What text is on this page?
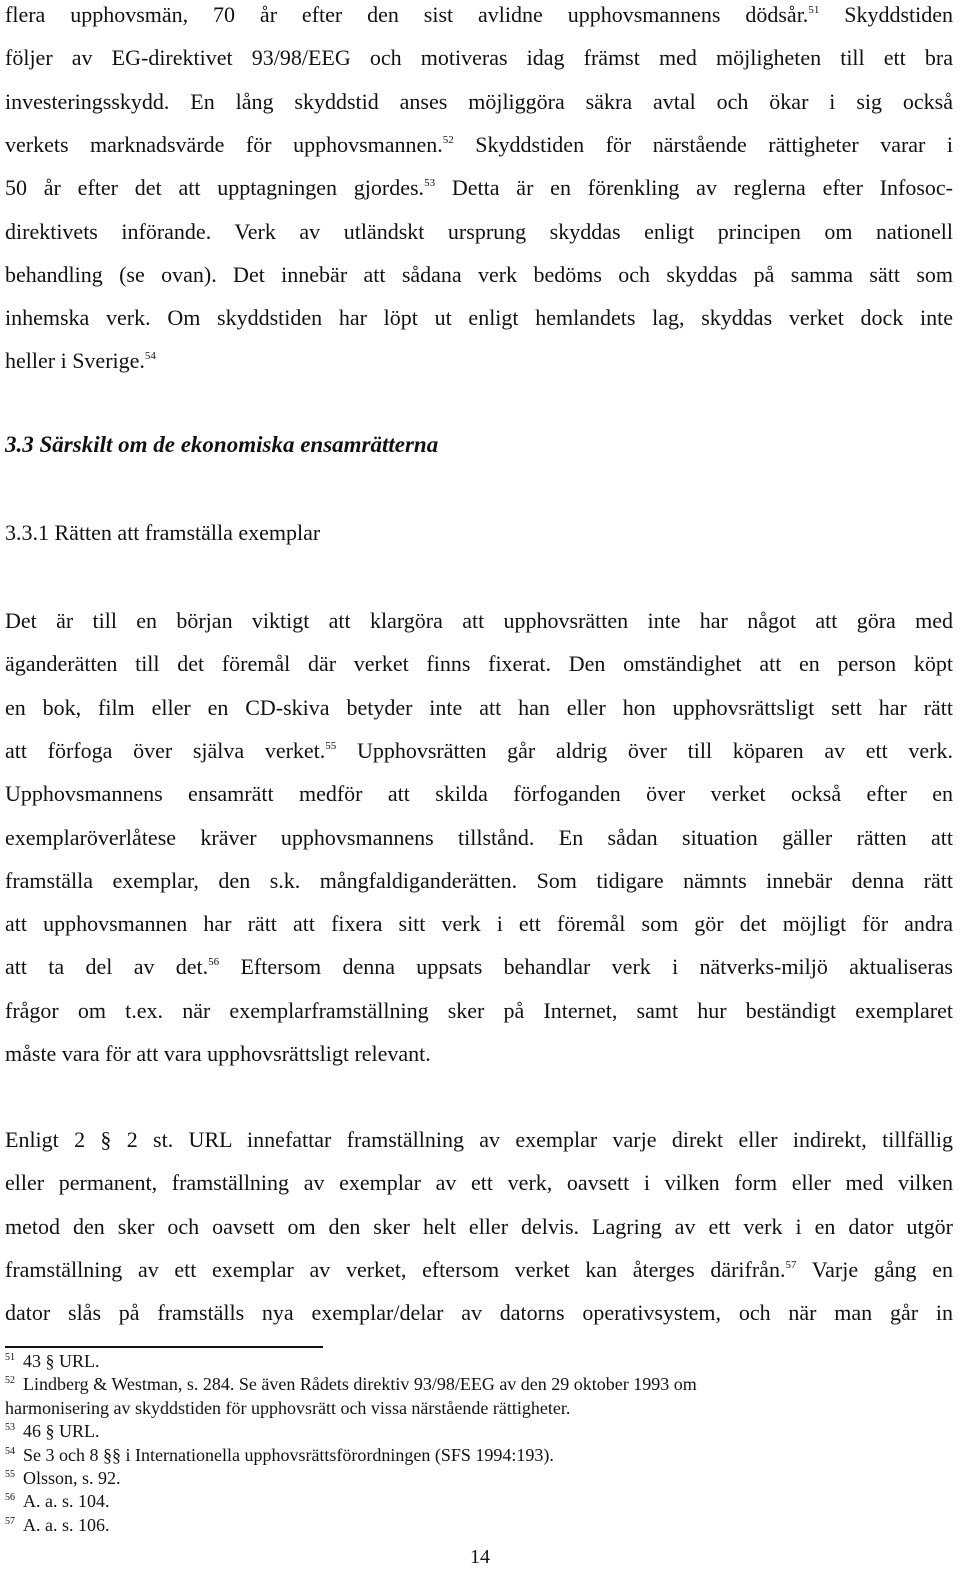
flera upphovsmän, 70 år efter den sist avlidne upphovsmannens dödsår.$^{51}$ Skyddstiden
följer av EG-direktivet 93/98/EEG och motiveras idag främst med möjligheten till ett bra
investeringsskydd. En lång skyddstid anses möjliggöra säkra avtal och ökar i sig också
verkets marknadsvärde för upphovsmannen.$^{52}$ Skyddstiden för närstående rättigheter varar i
50 år efter det att upptagningen gjordes.$^{53}$ Detta är en förenkling av reglerna efter Infosoc-
direktivets införande. Verk av utländskt ursprung skyddas enligt principen om nationell
behandling (se ovan). Det innebär att sådana verk bedöms och skyddas på samma sätt som
inhemska verk. Om skyddstiden har löpt ut enligt hemlandets lag, skyddas verket dock inte
heller i Sverige.$^{54}$
Det är till en början viktigt att klargöra att upphovsrätten inte har något att göra med
äganderätten till det föremål där verket finns fixerat. Den omständighet att en person köpt
en bok, film eller en CD-skiva betyder inte att han eller hon upphovsrättsligt sett har rätt
att förfoga över själva verket.$^{55}$ Upphovsrätten går aldrig över till köparen av ett verk.
Upphovsmannens ensamrätt medför att skilda förfoganden över verket också efter en
exemplaröverlåtese kräver upphovsmannens tillstånd. En sådan situation gäller rätten att
framställa exemplar, den s.k. mångfaldiganderätten. Som tidigare nämnts innebär denna rätt
att upphovsmannen har rätt att fixera sitt verk i ett föremål som gör det möjligt för andra
att ta del av det.$^{56}$ Eftersom denna uppsats behandlar verk i nätverks-miljö aktualiseras
frågor om t.ex. när exemplarframställning sker på Internet, samt hur beständigt exemplaret
måste vara för att vara upphovsrättsligt relevant.
Enligt 2 § 2 st. URL innefattar framställning av exemplar varje direkt eller indirekt, tillfällig
eller permanent, framställning av exemplar av ett verk, oavsett i vilken form eller med vilken
metod den sker och oavsett om den sker helt eller delvis. Lagring av ett verk i en dator utgör
framställning av ett exemplar av verket, eftersom verket kan återges därifrån.$^{57}$ Varje gång en
dator slås på framställs nya exemplar/delar av datorns operativsystem, och när man går in
3.3 Särskilt om de ekonomiska ensamrätterna
3.3.1 Rätten att framställa exemplar
$^{51}$ 43 § URL.
$^{52}$ Lindberg & Westman, s. 284. Se även Rådets direktiv 93/98/EEG av den 29 oktober 1993 om
harmonisering av skyddstiden för upphovsrätt och vissa närstående rättigheter.
$^{53}$ 46 § URL.
$^{54}$ Se 3 och 8 §§ i Internationella upphovsrättsförordningen (SFS 1994:193).
$^{55}$ Olsson, s. 92.
$^{56}$ A. a. s. 104.
$^{57}$ A. a. s. 106.
14
